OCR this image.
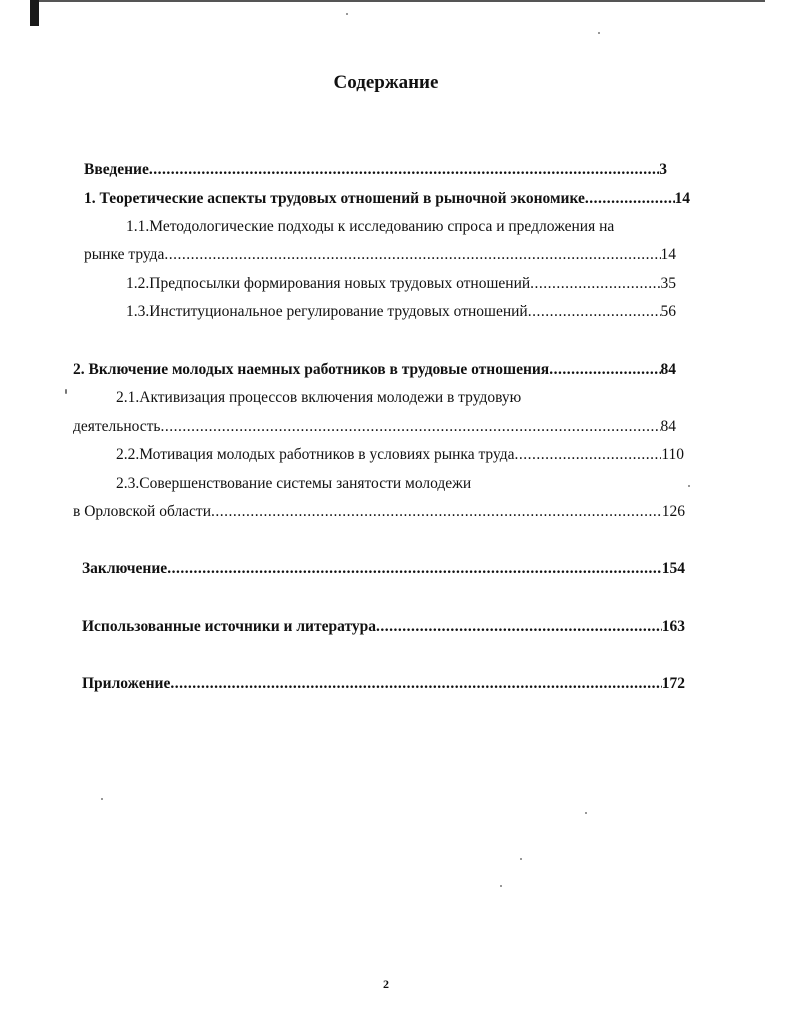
Содержание
Введение .....	3
1. Теоретические аспекты трудовых отношений в рыночной экономике .....	14
1.1.Методологические подходы к исследованию спроса и предложения на
рынке труда .....	14
1.2.Предпосылки формирования новых трудовых отношений .....	35
1.3.Институциональное регулирование трудовых отношений .....	56
2. Включение молодых наемных работников в трудовые отношения .....	84
2.1.Активизация процессов включения молодежи в трудовую
деятельность .....	84
2.2.Мотивация молодых работников в условиях рынка труда .....	110
2.3.Совершенствование системы занятости молодежи
в Орловской области .....	126
Заключение .....	154
Использованные источники и литература .....	163
Приложение .....	172
2
